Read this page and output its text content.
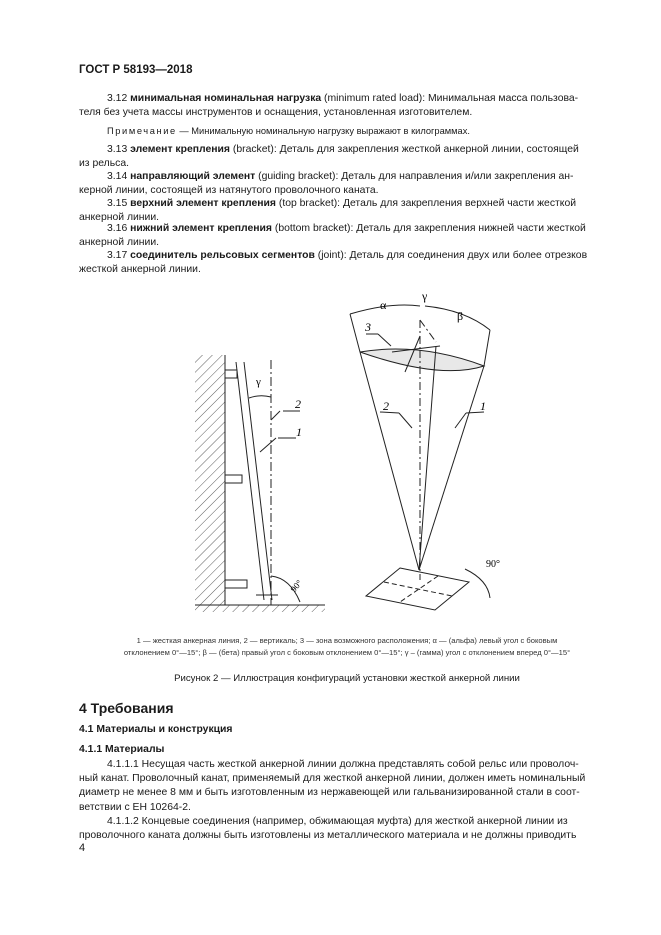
ГОСТ Р 58193—2018
3.12 минимальная номинальная нагрузка (minimum rated load): Минимальная масса пользова-
теля без учета массы инструментов и оснащения, установленная изготовителем.
Примечание — Минимальную номинальную нагрузку выражают в килограммах.
3.13 элемент крепления (bracket): Деталь для закрепления жесткой анкерной линии, состоящей
из рельса.
3.14 направляющий элемент (guiding bracket): Деталь для направления и/или закрепления ан-
керной линии, состоящей из натянутого проволочного каната.
3.15 верхний элемент крепления (top bracket): Деталь для закрепления верхней части жесткой
анкерной линии.
3.16 нижний элемент крепления (bottom bracket): Деталь для закрепления нижней части жесткой
анкерной линии.
3.17 соединитель рельсовых сегментов (joint): Деталь для соединения двух или более отрезков
жесткой анкерной линии.
γ
2
1
90°
α
γ
β
3
2	1
90°
1 — жесткая анкерная линия, 2 — вертикаль; 3 — зона возможного расположения; α — (альфа) левый угол с боковым
отклонением 0°—15°; β — (бета) правый угол с боковым отклонением 0°—15°; γ – (гамма) угол с отклонением вперед 0°—15°
Рисунок 2 — Иллюстрация конфигураций установки жесткой анкерной линии
4 Требования
4.1 Материалы и конструкция
4.1.1 Материалы
4.1.1.1 Несущая часть жесткой анкерной линии должна представлять собой рельс или проволоч-
ный канат. Проволочный канат, применяемый для жесткой анкерной линии, должен иметь номинальный
диаметр не менее 8 мм и быть изготовленным из нержавеющей или гальванизированной стали в соот-
ветствии с ЕН 10264-2.
4.1.1.2 Концевые соединения (например, обжимающая муфта) для жесткой анкерной линии из
проволочного каната должны быть изготовлены из металлического материала и не должны приводить
4
